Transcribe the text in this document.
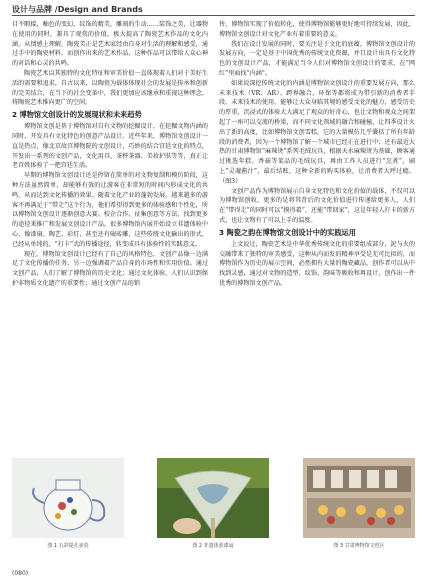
设计与品牌 /Design and Brands

目不暇接，釉色的变幻，纹饰的精美，雕刻的生动……装饰之美，让器物在使用的同时，兼具了观赏的价值，极大提高了陶瓷艺术作品的文化内涵，从情感上理解，陶瓷美正是艺术家经由自身对生活的理解和感受，通过手中的陶瓷材料，而创作出来的艺术作品，这种作品可以带给人众心神的对话和心灵的共鸣。

陶瓷艺术以其独特的文化特征和审美价值一直体现着人们对于美好生活的需要和追求，自古以来，以陶瓷为载体体现社会的发展是传承和创新的完美结合，在当下的社会变革中，我们更加应该继承和重视这种理念，将陶瓷艺术推向更广的空间。

2 博物馆文创设计的发展现状和未来趋势

博物馆文创是基于博物馆对自有文物的挖掘设计，在挖掘文物内涵的同时，开发具有文化特色的创意产品设计。近些年来，博物馆文创设计一直是热点，像北京故宫博物院的文创设计，巧妙的结合宫廷文化的特点，开发出一系列的文创产品，文化用具、茶杯茶器、美妆护肤等等，真正让老百姓体验了一把宫廷生活。

早期的博物馆文创设计还是停留在简单的对文物复制和模仿阶段，这种方法虽然简单，却能够有效的让游客在非常短的时间内形成文化的共鸣，从而达到文化传播的效果。随着文化产业的蓬勃发展，越来越多的游客不再满足于“带走”这个行为，他们希望得到更多的体验感和个性化，所以博物馆文创设计逐渐创意大赛、校企合作、征集创意等方法，找到更多的途径来推广和发展文创设计产品。很多博物馆内展开始设立非遗体验中心，像漆扇、陶艺、彩灯，甚至还有砚砖雕，这些传统文化输出的形式，已经从单纯的、“打卡”式的传播途径，转变成具有体验性的实践意义。

现在，博物馆文创设计已经有了自己的风格特色，文创产品像一边满足了文化传播的任务，另一边强调着产品自身的市场性和实用价值。通过文创产品，人们了解了博物馆的历史文化；通过文化体验，人们认识到保护非物质文化遗产的重要性；通过文创产品的销

售，博物馆实现了价值转化，使得博物馆能够更好地可持续发展，因此，博物馆文创设计对文化产业有着重要的意义。

我们在设计发展的同时，要关注是于文化的底蕴，博物馆文创设计的发展方向，一定是基于中国优秀的传统文化资源，并且设计出具有文化特色的文创设计产品，才能满足当今人们对博物馆文创设计的要求，在“网红”里面找“内涵”。

如果说深挖传统文化的内涵是博物馆文创设计的重要发展方向，那么未来技术（VR、AR）、跨界融合、环保等都将成为带引新的消费者手段。未来技术的使用，能够让大众身临其境的感受文化的魅力，感受历史的厚重，沉浸式的体验大大满足了观众的好奇心，也让文物和观众之间架起了一座可以交流的桥梁，而不同文化领域的融合和碰撞，让四季设计火出了新的高度，比如博物馆文创雪糕，它的大量模仿几乎囊括了所有年龄段的消费者，因为一个博物馆了解一个城市已经正在进行中；还有最近大热的甘肃博物馆“麻辣烫”系列毛绒玩具，根据天水麻辣烫为基础，顾客通过挑选年糕、香菇等菜品的毛绒玩具，再由工作人员进行“烹煮”，刷上“灵魂酱汁”，最后结账，这种全新的购买体验，让消费者大呼过瘾。（图3）

文创产品作为博物馆展示自身文化特色和文化价值的载体，不仅可以为博物馆创收，更多的是将其背后的文化价值进行传递给更多人，人们在“带得走”的同时可以“摸得着”，还能“带回家”，这是年轻人打卡的新方式，也让文物有了可以上手的温度。

3 陶瓷之韵在博物馆文创设计中的实践运用

上文说过，陶瓷艺术是中华优秀传统文化的重要组成部分，泥与火的交融带来了独特的审美感受，这种从内而发的精神享受是无可比拟的，而博物馆作为历史的展示空间，必然拥有大量的陶瓷藏品，创作者可以从中找到灵感，通过对文物的造型、纹饰、韵味等吸收和再设计，创作出一件优秀的博物馆文创产品。

图 1 五彩提孔壶瓷	图 2 非遗体验漆扇	图 3 甘肃博物馆文创区
(080)
